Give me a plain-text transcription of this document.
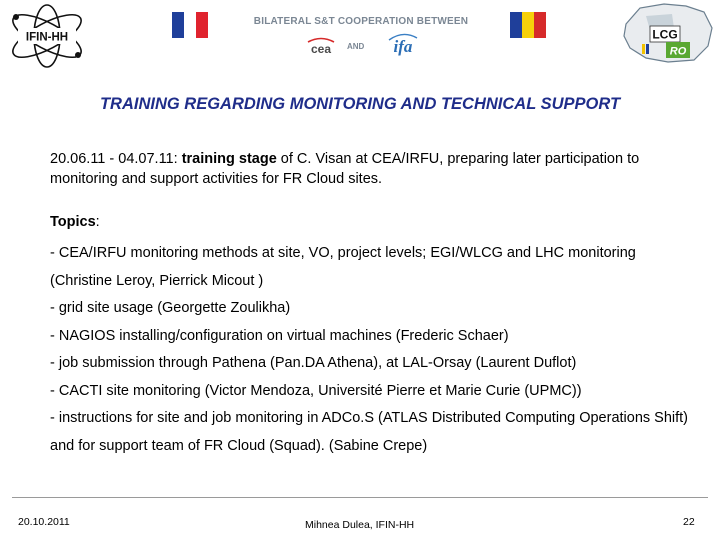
IFIN-HH
BILATERAL S&T COOPERATION BETWEEN
cea AND ifa
LCG
RO
TRAINING REGARDING MONITORING AND TECHNICAL SUPPORT
20.06.11 - 04.07.11: training stage of C. Visan at CEA/IRFU, preparing later participation to monitoring and support activities for FR Cloud sites.
Topics:
- CEA/IRFU monitoring methods at site, VO, project levels; EGI/WLCG and LHC monitoring (Christine Leroy, Pierrick Micout )
- grid site usage (Georgette Zoulikha)
- NAGIOS installing/configuration on virtual machines (Frederic Schaer)
- job submission through Pathena (Pan.DA Athena), at LAL-Orsay (Laurent Duflot)
- CACTI site monitoring (Victor Mendoza, Université Pierre et Marie Curie (UPMC))
- instructions for site and job monitoring in ADCo.S (ATLAS Distributed Computing Operations Shift) and for support team of FR Cloud (Squad). (Sabine Crepe)
20.10.2011	Mihnea Dulea, IFIN-HH	22
